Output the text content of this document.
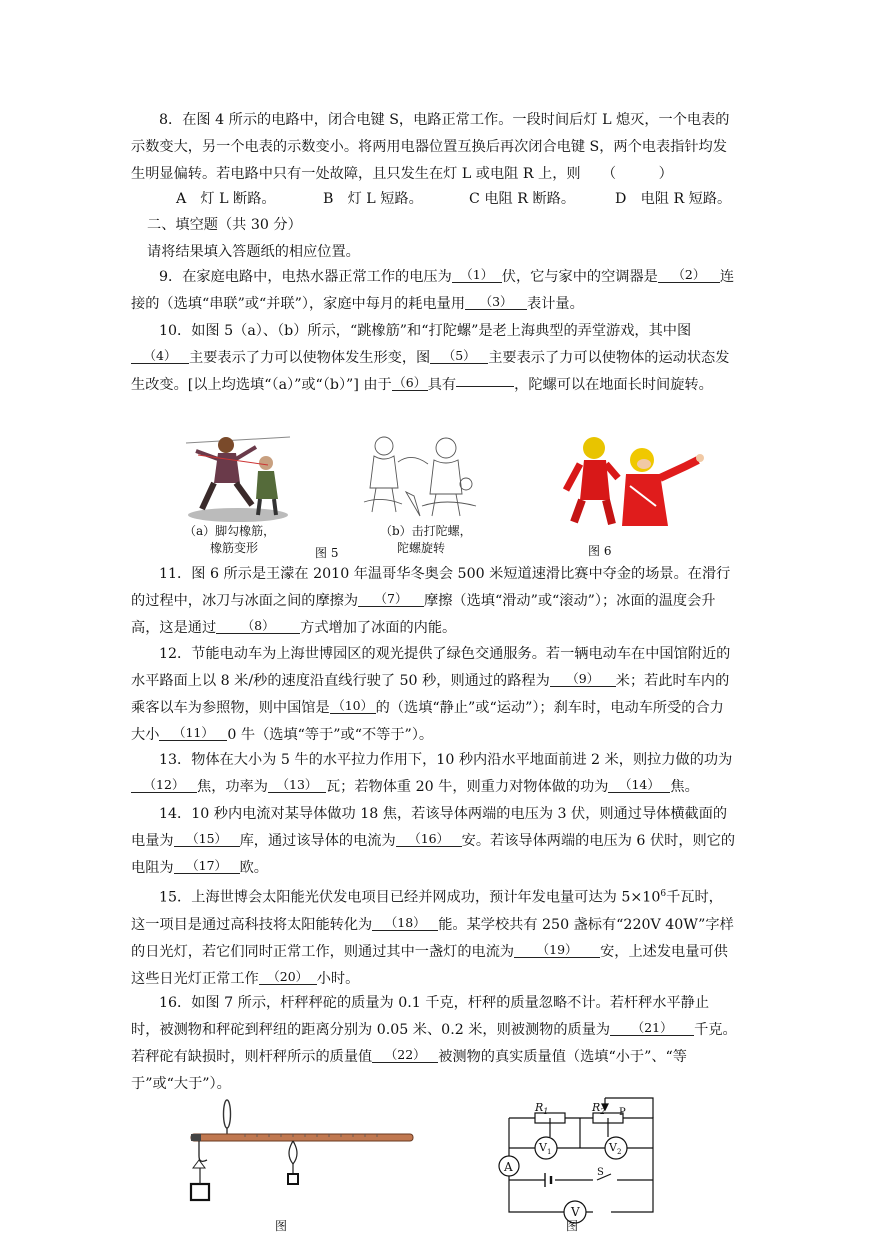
8．在图 4 所示的电路中，闭合电键 S，电路正常工作。一段时间后灯 L 熄灭，一个电表的示数变大，另一个电表的示数变小。将两用电器位置互换后再次闭合电键 S，两个电表指针均发生明显偏转。若电路中只有一处故障，且只发生在灯 L 或电阻 R 上，则　　（　　　）

A　灯 L 断路。	B　灯 L 短路。	C 电阻 R 断路。	D　电阻 R 短路。
二、填空题（共 30 分）
请将结果填入答题纸的相应位置。

9．在家庭电路中，电热水器正常工作的电压为 （1） 伏，它与家中的空调器是 （2） 连接的（选填“串联”或“并联”），家庭中每月的耗电量用 （3） 表计量。

10．如图 5（a）、（b）所示，“跳橡筋”和“打陀螺”是老上海典型的弄堂游戏，其中图（4） 主要表示了力可以使物体发生形变，图 （5） 主要表示了力可以使物体的运动状态发生改变。[以上均选填“（a）”或“（b）”] 由于 （6） 具有	，陀螺可以在地面长时间旋转。

（a）脚勾橡筋，
橡筋变形
（b）击打陀螺，
陀螺旋转
图 5	图 6

11．图 6 所示是王濛在 2010 年温哥华冬奥会 500 米短道速滑比赛中夺金的场景。在滑行的过程中，冰刀与冰面之间的摩擦为 （7） 摩擦（选填“滑动”或“滚动”）；冰面的温度会升高，这是通过 （8） 方式增加了冰面的内能。

12．节能电动车为上海世博园区的观光提供了绿色交通服务。若一辆电动车在中国馆附近的水平路面上以 8 米/秒的速度沿直线行驶了 50 秒，则通过的路程为 （9） 米；若此时车内的乘客以车为参照物，则中国馆是 （10） 的（选填“静止”或“运动”）；刹车时，电动车所受的合力大小 （11） 0 牛（选填“等于”或“不等于”）。

13．物体在大小为 5 牛的水平拉力作用下，10 秒内沿水平地面前进 2 米，则拉力做的功为（12） 焦，功率为 （13） 瓦；若物体重 20 牛，则重力对物体做的功为 （14） 焦。

14．10 秒内电流对某导体做功 18 焦，若该导体两端的电压为 3 伏，则通过导体横截面的电量为 （15） 库，通过该导体的电流为 （16） 安。若该导体两端的电压为 6 伏时，则它的电阻为 （17） 欧。

15．上海世博会太阳能光伏发电项目已经并网成功，预计年发电量可达为 $5\times 10^6$千瓦时，这一项目是通过高科技将太阳能转化为 （18） 能。某学校共有 250 盏标有“220V 40W”字样的日光灯，若它们同时正常工作，则通过其中一盏灯的电流为 （19） 安，上述发电量可供这些日光灯正常工作 （20） 小时。

16．如图 7 所示，杆秤秤砣的质量为 0.1 千克，杆秤的质量忽略不计。若杆秤水平静止时，被测物和秤砣到秤纽的距离分别为 0.05 米、0.2 米，则被测物的质量为 （21） 千克。若秤砣有缺损时，则杆秤所示的质量值 （22） 被测物的真实质量值（选填“小于”、“等于”或“大于”）。

图
$R_1$	$R_2$ P
$V_1$	$V_2$
A	S
V
图
